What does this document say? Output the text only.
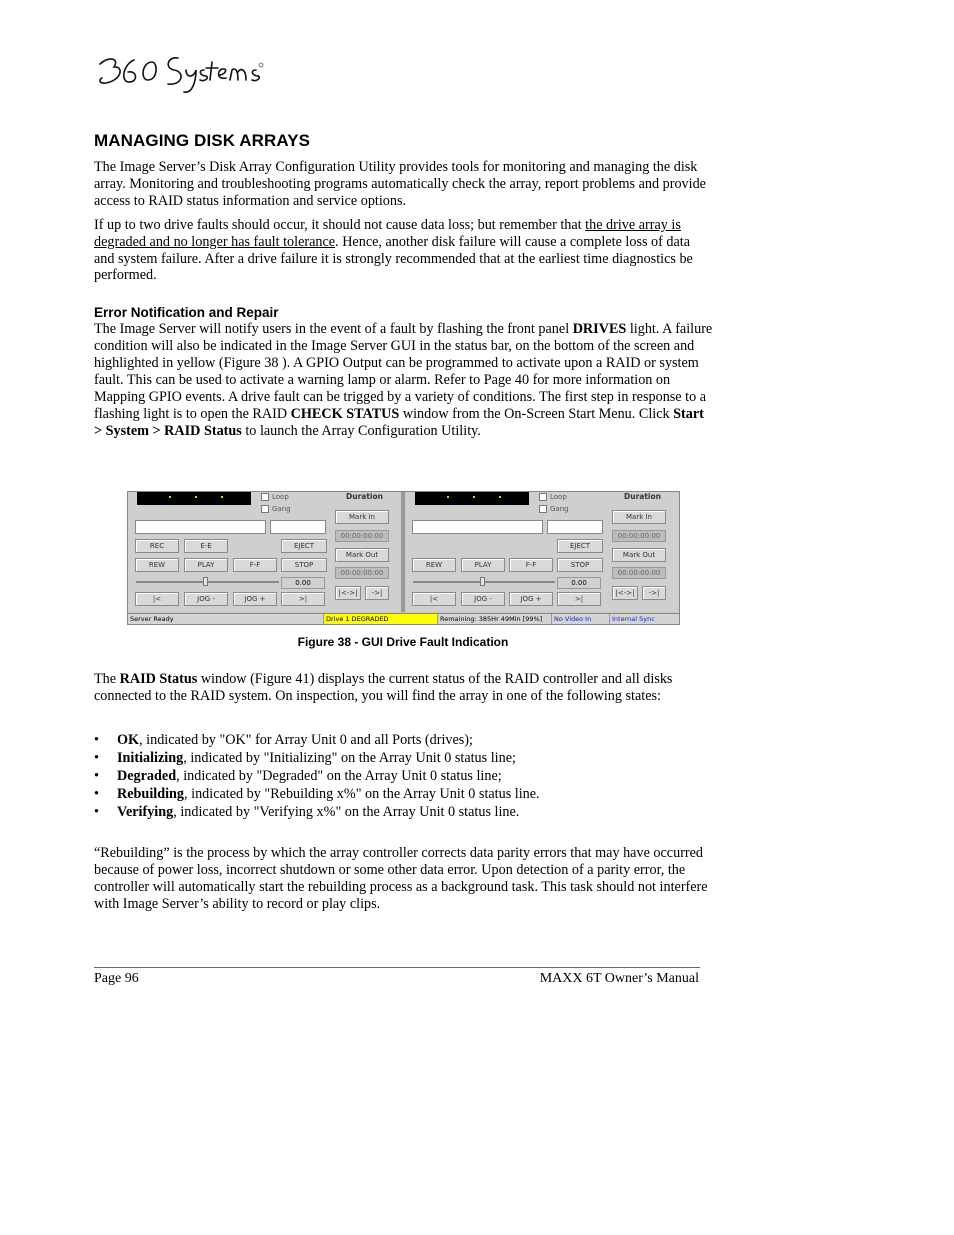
MANAGING DISK ARRAYS

The Image Server’s Disk Array Configuration Utility provides tools for monitoring and managing the disk array. Monitoring and troubleshooting programs automatically check the array, report problems and provide access to RAID status information and service options.

If up to two drive faults should occur, it should not cause data loss; but remember that the drive array is degraded and no longer has fault tolerance. Hence, another disk failure will cause a complete loss of data and system failure. After a drive failure it is strongly recommended that at the earliest time diagnostics be performed.

Error Notification and Repair

The Image Server will notify users in the event of a fault by flashing the front panel DRIVES light. A failure condition will also be indicated in the Image Server GUI in the status bar, on the bottom of the screen and highlighted in yellow (Figure 38 ). A GPIO Output can be programmed to activate upon a RAID or system fault. This can be used to activate a warning lamp or alarm. Refer to Page 40 for more information on Mapping GPIO events. A drive fault can be trigged by a variety of conditions. The first step in response to a flashing light is to open the RAID CHECK STATUS window from the On-Screen Start Menu. Click Start > System > RAID Status to launch the Array Configuration Utility.

Loop
Gang
Duration
Mark In
00:00:00:00
Mark Out
00:00:00:00
|<->|	->|
REC	E-E	EJECT
REW	PLAY	F-F	STOP
0.00
|<	JOG -	JOG +	>|
Loop
Gang
Duration
Mark In
00:00:00:00
Mark Out
00:00:00:00
|<->|	->|
EJECT
REW	PLAY	F-F	STOP
0.00
|<	JOG -	JOG +	>|
Server Ready	Drive 1 DEGRADED	Remaining: 385Hr 49Min [99%]	No Video In	Internal Sync
Figure 38 - GUI Drive Fault Indication

The RAID Status window (Figure 41) displays the current status of the RAID controller and all disks connected to the RAID system. On inspection, you will find the array in one of the following states:

• OK, indicated by "OK" for Array Unit 0 and all Ports (drives);
• Initializing, indicated by "Initializing" on the Array Unit 0 status line;
• Degraded, indicated by "Degraded" on the Array Unit 0 status line;
• Rebuilding, indicated by "Rebuilding x%" on the Array Unit 0 status line.
• Verifying, indicated by "Verifying x%" on the Array Unit 0 status line.

“Rebuilding” is the process by which the array controller corrects data parity errors that may have occurred because of power loss, incorrect shutdown or some other data error. Upon detection of a parity error, the controller will automatically start the rebuilding process as a background task. This task should not interfere with Image Server’s ability to record or play clips.

Page 96	MAXX 6T Owner’s Manual
